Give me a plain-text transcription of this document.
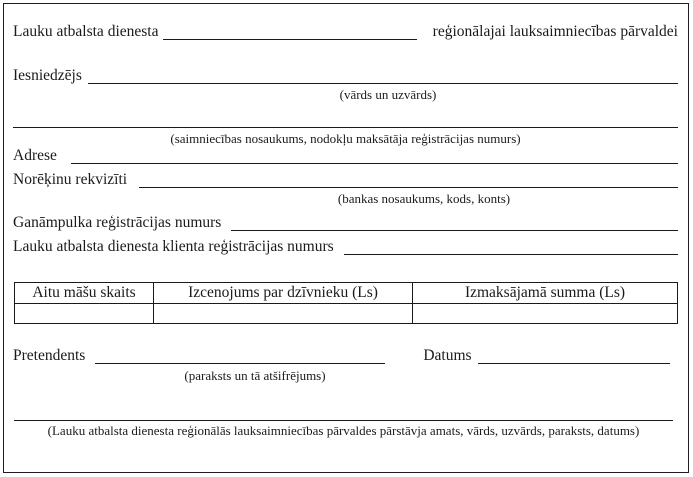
Lauku atbalsta dienesta	reģionālajai lauksaimniecības pārvaldei
Iesniedzējs
(vārds un uzvārds)
(saimniecības nosaukums, nodokļu maksātāja reģistrācijas numurs)
Adrese
Norēķinu rekvizīti
(bankas nosaukums, kods, konts)
Ganāmpulka reģistrācijas numurs
Lauku atbalsta dienesta klienta reģistrācijas numurs
Aitu māšu skaits	Izcenojums par dzīvnieku (Ls)	Izmaksājamā summa (Ls)

Pretendents	Datums
(paraksts un tā atšifrējums)
(Lauku atbalsta dienesta reģionālās lauksaimniecības pārvaldes pārstāvja amats, vārds, uzvārds, paraksts, datums)
